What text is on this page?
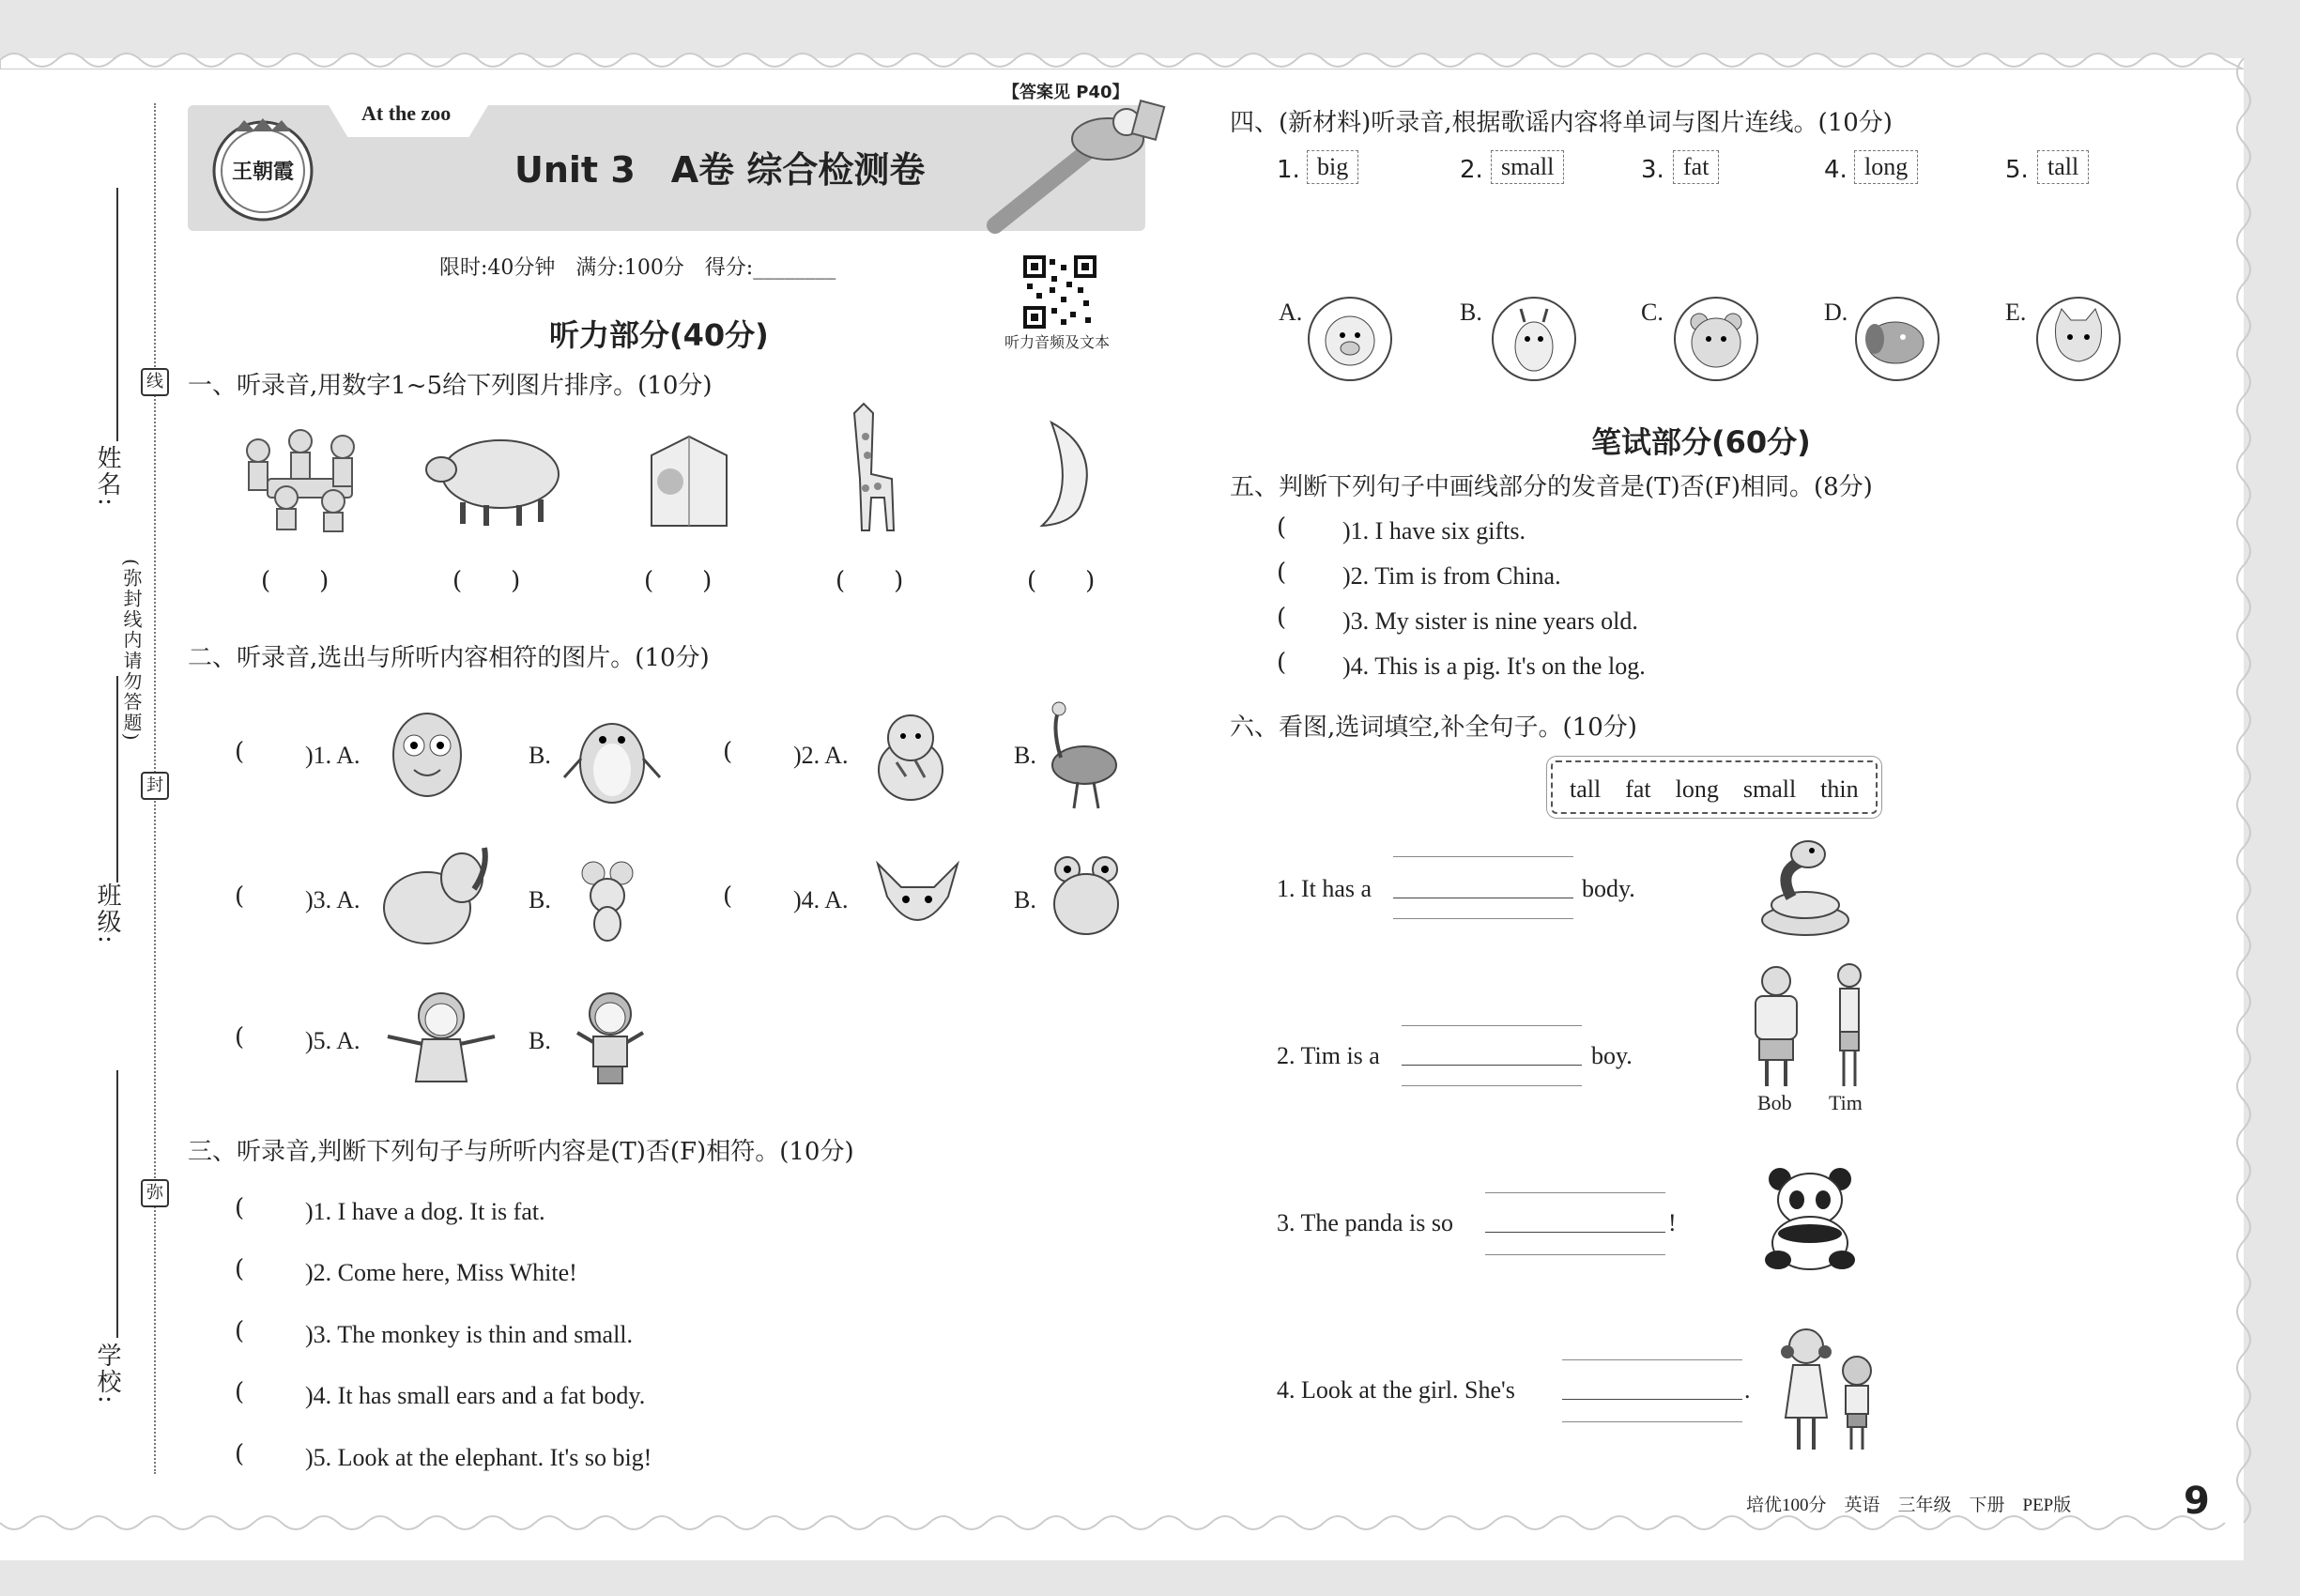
姓名:
班级:
学校:
(弥封线内请勿答题)
线
封
弥
At the zoo
【答案见 P40】
Unit 3　A卷 综合检测卷
王朝霞
限时:40分钟　满分:100分　得分:________
听力音频及文本
听力部分(40分)
一、听录音,用数字1~5给下列图片排序。(10分)
(　　)	(　　)	(　　)	(　　)	(　　)
二、听录音,选出与所听内容相符的图片。(10分)
( )1. A.	B.	( )2. A.	B.
( )3. A.	B.	( )4. A.	B.
( )5. A.	B.
三、听录音,判断下列句子与所听内容是(T)否(F)相符。(10分)
( )1. I have a dog. It is fat.
( )2. Come here, Miss White!
( )3. The monkey is thin and small.
( )4. It has small ears and a fat body.
( )5. Look at the elephant. It's so big!
四、(新材料)听录音,根据歌谣内容将单词与图片连线。(10分)
1. big	2. small	3. fat	4. long	5. tall
A.	B.	C.	D.	E.
笔试部分(60分)
五、判断下列句子中画线部分的发音是(T)否(F)相同。(8分)
( )1. I have six gifts.
( )2. Tim is from China.
( )3. My sister is nine years old.
( )4. This is a pig. It's on the log.
六、看图,选词填空,补全句子。(10分)
tall　fat　long　small　thin
1. It has a	body.
2. Tim is a	boy.
Bob Tim
3. The panda is so	!
4. Look at the girl. She's	.
培优100分　英语　三年级　下册　PEP版	9
